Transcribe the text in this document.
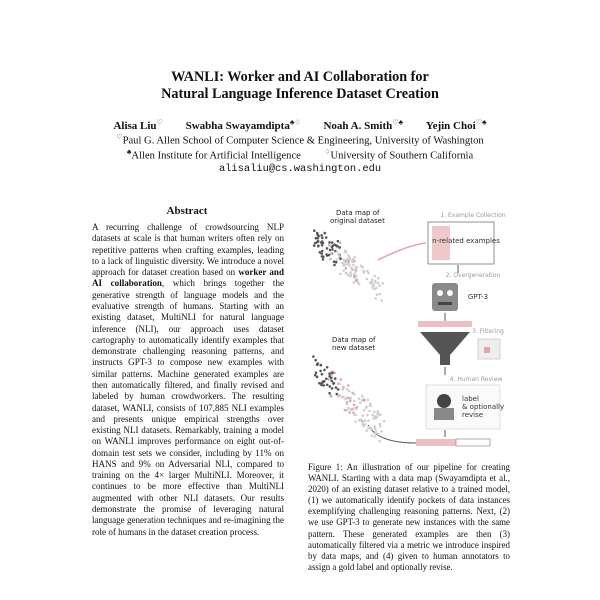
WANLI: Worker and AI Collaboration for
Natural Language Inference Dataset Creation
Alisa Liu♡ Swabha Swayamdipta♣♢ Noah A. Smith♡♣ Yejin Choi♡♣
♡Paul G. Allen School of Computer Science & Engineering, University of Washington
♣Allen Institute for Artificial Intelligence	♢University of Southern California
alisaliu@cs.washington.edu
Abstract
A recurring challenge of crowdsourcing NLP datasets at scale is that human writers often rely on repetitive patterns when crafting examples, leading to a lack of linguistic diversity. We introduce a novel approach for dataset creation based on worker and AI collaboration, which brings together the generative strength of language models and the evaluative strength of humans. Starting with an existing dataset, MultiNLI for natural language inference (NLI), our approach uses dataset cartography to automatically identify examples that demonstrate challenging reasoning patterns, and instructs GPT-3 to compose new examples with similar patterns. Machine generated examples are then automatically filtered, and finally revised and labeled by human crowdworkers. The resulting dataset, WANLI, consists of 107,885 NLI examples and presents unique empirical strengths over existing NLI datasets. Remarkably, training a model on WANLI improves performance on eight out-of-domain test sets we consider, including by 11% on HANS and 9% on Adversarial NLI, compared to training on the 4× larger MultiNLI. Moreover, it continues to be more effective than MultiNLI augmented with other NLI datasets. Our results demonstrate the promise of leveraging natural language generation techniques and re-imagining the role of humans in the dataset creation process.
Data map of original dataset
1. Example Collection
n-related examples
2. Overgeneration
GPT-3
3. Filtering
4. Human Review
label & optionally revise
Data map of new dataset
Figure 1: An illustration of our pipeline for creating WANLI. Starting with a data map (Swayamdipta et al., 2020) of an existing dataset relative to a trained model, (1) we automatically identify pockets of data instances exemplifying challenging reasoning patterns. Next, (2) we use GPT-3 to generate new instances with the same pattern. These generated examples are then (3) automatically filtered via a metric we introduce inspired by data maps, and (4) given to human annotators to assign a gold label and optionally revise.
